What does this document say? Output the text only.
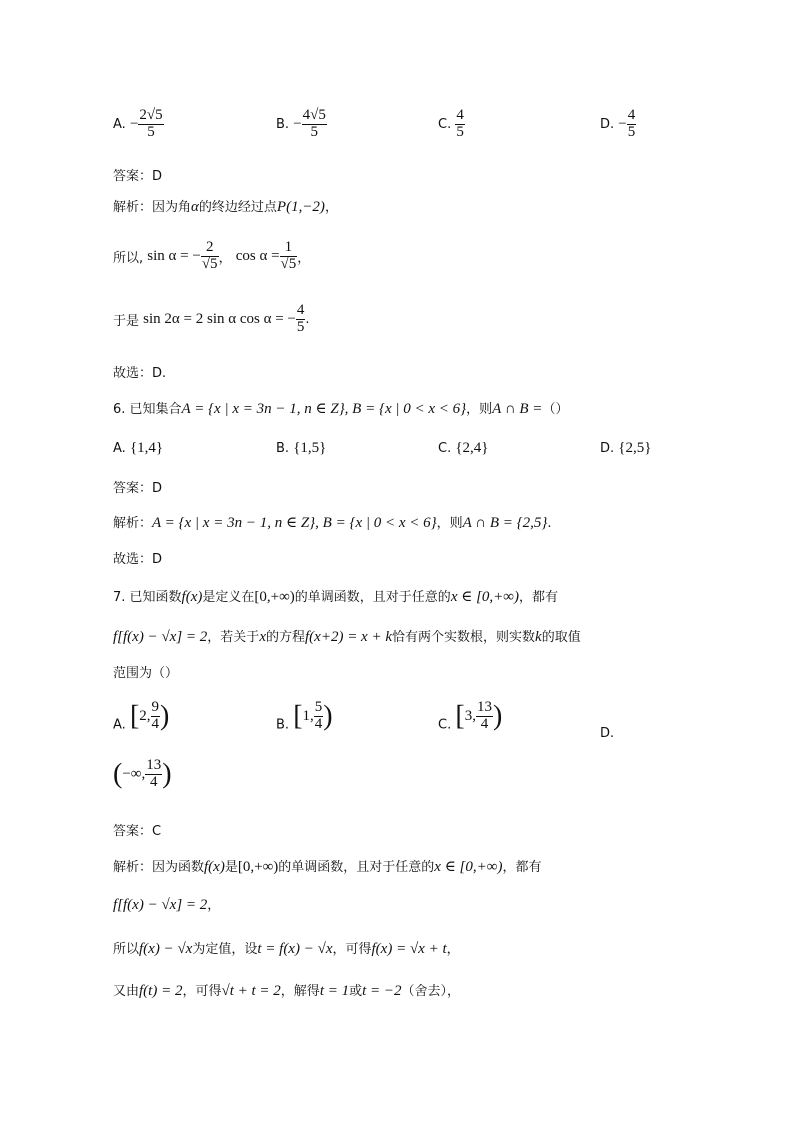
A. − $\frac{2√5}{5}$	B. − $\frac{4√5}{5}$	C. $\frac{4}{5}$	D. − $\frac{4}{5}$
答案：D
解析：因为角α的终边经过点P(1,−2)，
所以, sin α = − $\frac{2}{√5}$ ， $\cos \alpha = \frac{1}{√5}$ ，
于是 sin 2α = 2 sin α cos α = − $\frac{4}{5}$ .
故选：D.
6. 已知集合A = {x | x = 3n − 1, n ∈ Z}, B = {x | 0 < x < 6}，则A ∩ B =（）
A. {1,4}	B. {1,5}	C. {2,4}	D. {2,5}
答案：D
解析：A = {x | x = 3n − 1, n ∈ Z}, B = {x | 0 < x < 6}，则A ∩ B = {2,5}.
故选：D
7. 已知函数f(x)是定义在[0,+∞)的单调函数，且对于任意的x ∈ [0,+∞)，都有
f[f(x) − √x] = 2，若关于x的方程f(x+2) = x + k恰有两个实数根，则实数k的取值
范围为（）
A. [2, $\frac{9}{4}$ )	B. [1, $\frac{5}{4}$ )	C. [3, $\frac{13}{4}$ )
D.
(−∞, $\frac{13}{4}$ )
答案：C
解析：因为函数f(x)是[0,+∞)的单调函数，且对于任意的x ∈ [0,+∞)，都有
f[f(x) − √x] = 2，
所以f(x) − √x为定值，设t = f(x) − √x，可得f(x) = √x + t，
又由f(t) = 2，可得√t + t = 2，解得t = 1或t = −2（舍去），
